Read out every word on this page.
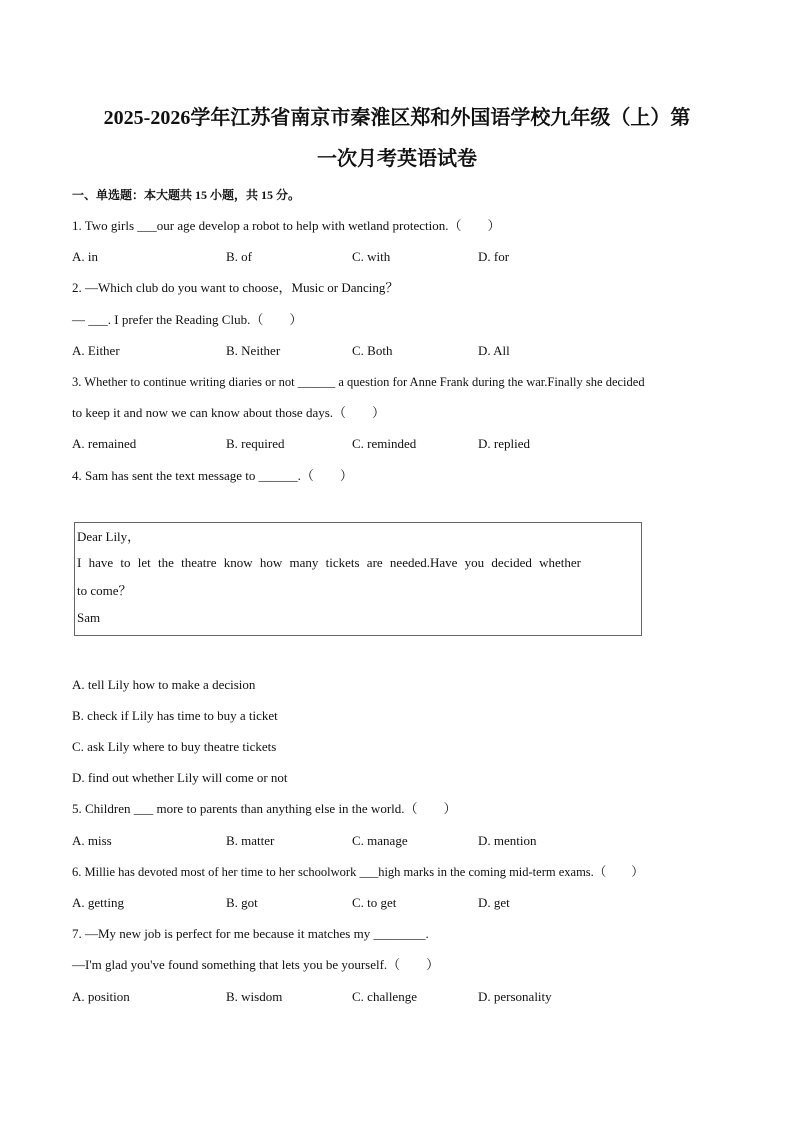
2025-2026学年江苏省南京市秦淮区郑和外国语学校九年级（上）第
一次月考英语试卷
一、单选题：本大题共 15 小题，共 15 分。
1. Two girls ___our age develop a robot to help with wetland protection.（　　）
A. in	B. of	C. with	D. for
2. —Which club do you want to choose，Music or Dancing？
— ___. I prefer the Reading Club.（　　）
A. Either	B. Neither	C. Both	D. All
3. Whether to continue writing diaries or not ______ a question for Anne Frank during the war.Finally she decided
to keep it and now we can know about those days.（　　）
A. remained	B. required	C. reminded	D. replied
4. Sam has sent the text message to ______.（　　）
Dear Lily，
I have to let the theatre know how many tickets are needed.Have you decided whether
to come？
Sam
A. tell Lily how to make a decision
B. check if Lily has time to buy a ticket
C. ask Lily where to buy theatre tickets
D. find out whether Lily will come or not
5. Children ___ more to parents than anything else in the world.（　　）
A. miss	B. matter	C. manage	D. mention
6. Millie has devoted most of her time to her schoolwork ___high marks in the coming mid-term exams.（　　）
A. getting	B. got	C. to get	D. get
7. —My new job is perfect for me because it matches my ________.
—I'm glad you've found something that lets you be yourself.（　　）
A. position	B. wisdom	C. challenge	D. personality
